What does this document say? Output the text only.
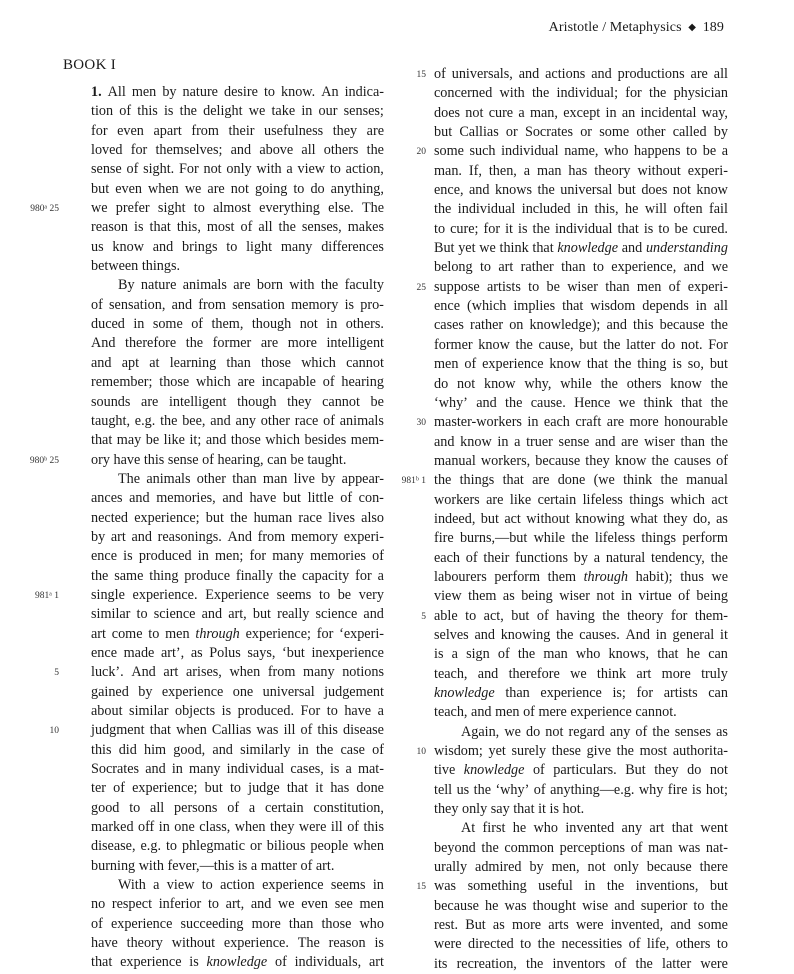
Aristotle / Metaphysics ◆ 189
BOOK I
1. All men by nature desire to know. An indica-
tion of this is the delight we take in our senses;
for even apart from their usefulness they are
loved for themselves; and above all others the
sense of sight. For not only with a view to action,
but even when we are not going to do anything,
980ᵃ 25 we prefer sight to almost everything else. The
reason is that this, most of all the senses, makes
us know and brings to light many differences
between
things.
By nature animals are born with the faculty
of sensation, and from sensation memory is pro-
duced in some of them, though not in others.
And therefore the former are more intelligent
and apt at learning than those which cannot
remember; those which are incapable of hearing
sounds are intelligent though they cannot be
taught, e.g. the bee, and any other race of animals
that may be like it; and those which besides mem-
980ᵇ 25 ory
have
this
sense
of
hearing,
can
be
taught.
The animals other than man live by appear-
ances and memories, and have but little of con-
nected experience; but the human race lives also
by art and reasonings. And from memory experi-
ence is produced in men; for many memories of
the same thing produce finally the capacity for a
981ᵃ 1 single experience. Experience seems to be very
similar to science and art, but really science and
art come to men through experience; for ‘experi-
ence made art’, as Polus says, ‘but inexperience
5 luck’. And art arises, when from many notions
gained by experience one universal judgement
about similar objects is produced. For to have a
10 judgment that when Callias was ill of this disease
this did him good, and similarly in the case of
Socrates and in many individual cases, is a mat-
ter of experience; but to judge that it has done
good to all persons of a certain constitution,
marked off in one class, when they were ill of this
disease, e.g. to phlegmatic or bilious people when
burning
with
fever,—this
is
a
matter
of
art.
With a view to action experience seems in
no respect inferior to art, and we even see men
of experience succeeding more than those who
have theory without experience. The reason is
that experience is knowledge of individuals, art
15 of universals, and actions and productions are all
concerned with the individual; for the physician
does not cure a man, except in an incidental way,
but Callias or Socrates or some other called by
20 some such individual name, who happens to be a
man. If, then, a man has theory without experi-
ence, and knows the universal but does not know
the individual included in this, he will often fail
to cure; for it is the individual that is to be cured.
But yet we think that knowledge and understanding
belong to art rather than to experience, and we
25 suppose artists to be wiser than men of experi-
ence (which implies that wisdom depends in all
cases rather on knowledge); and this because the
former know the cause, but the latter do not. For
men of experience know that the thing is so, but
do not know why, while the others know the
‘why’ and the cause. Hence we think that the
30 master-workers in each craft are more honourable
and know in a truer sense and are wiser than the
manual workers, because they know the causes of
981ᵇ 1 the things that are done (we think the manual
workers are like certain lifeless things which act
indeed, but act without knowing what they do, as
fire burns,—but while the lifeless things perform
each of their functions by a natural tendency, the
labourers perform them through habit); thus we
view them as being wiser not in virtue of being
5 able to act, but of having the theory for them-
selves and knowing the causes. And in general it
is a sign of the man who knows, that he can
teach, and therefore we think art more truly
knowledge than experience is; for artists can
teach,
and
men
of
mere
experience
cannot.
Again, we do not regard any of the senses as
10 wisdom; yet surely these give the most authorita-
tive knowledge of particulars. But they do not
tell us the ‘why’ of anything—e.g. why fire is hot;
they
only
say
that
it
is
hot.
At first he who invented any art that went
beyond the common perceptions of man was nat-
urally admired by men, not only because there
15 was something useful in the inventions, but
because he was thought wise and superior to the
rest. But as more arts were invented, and some
were directed to the necessities of life, others to
its recreation, the inventors of the latter were
